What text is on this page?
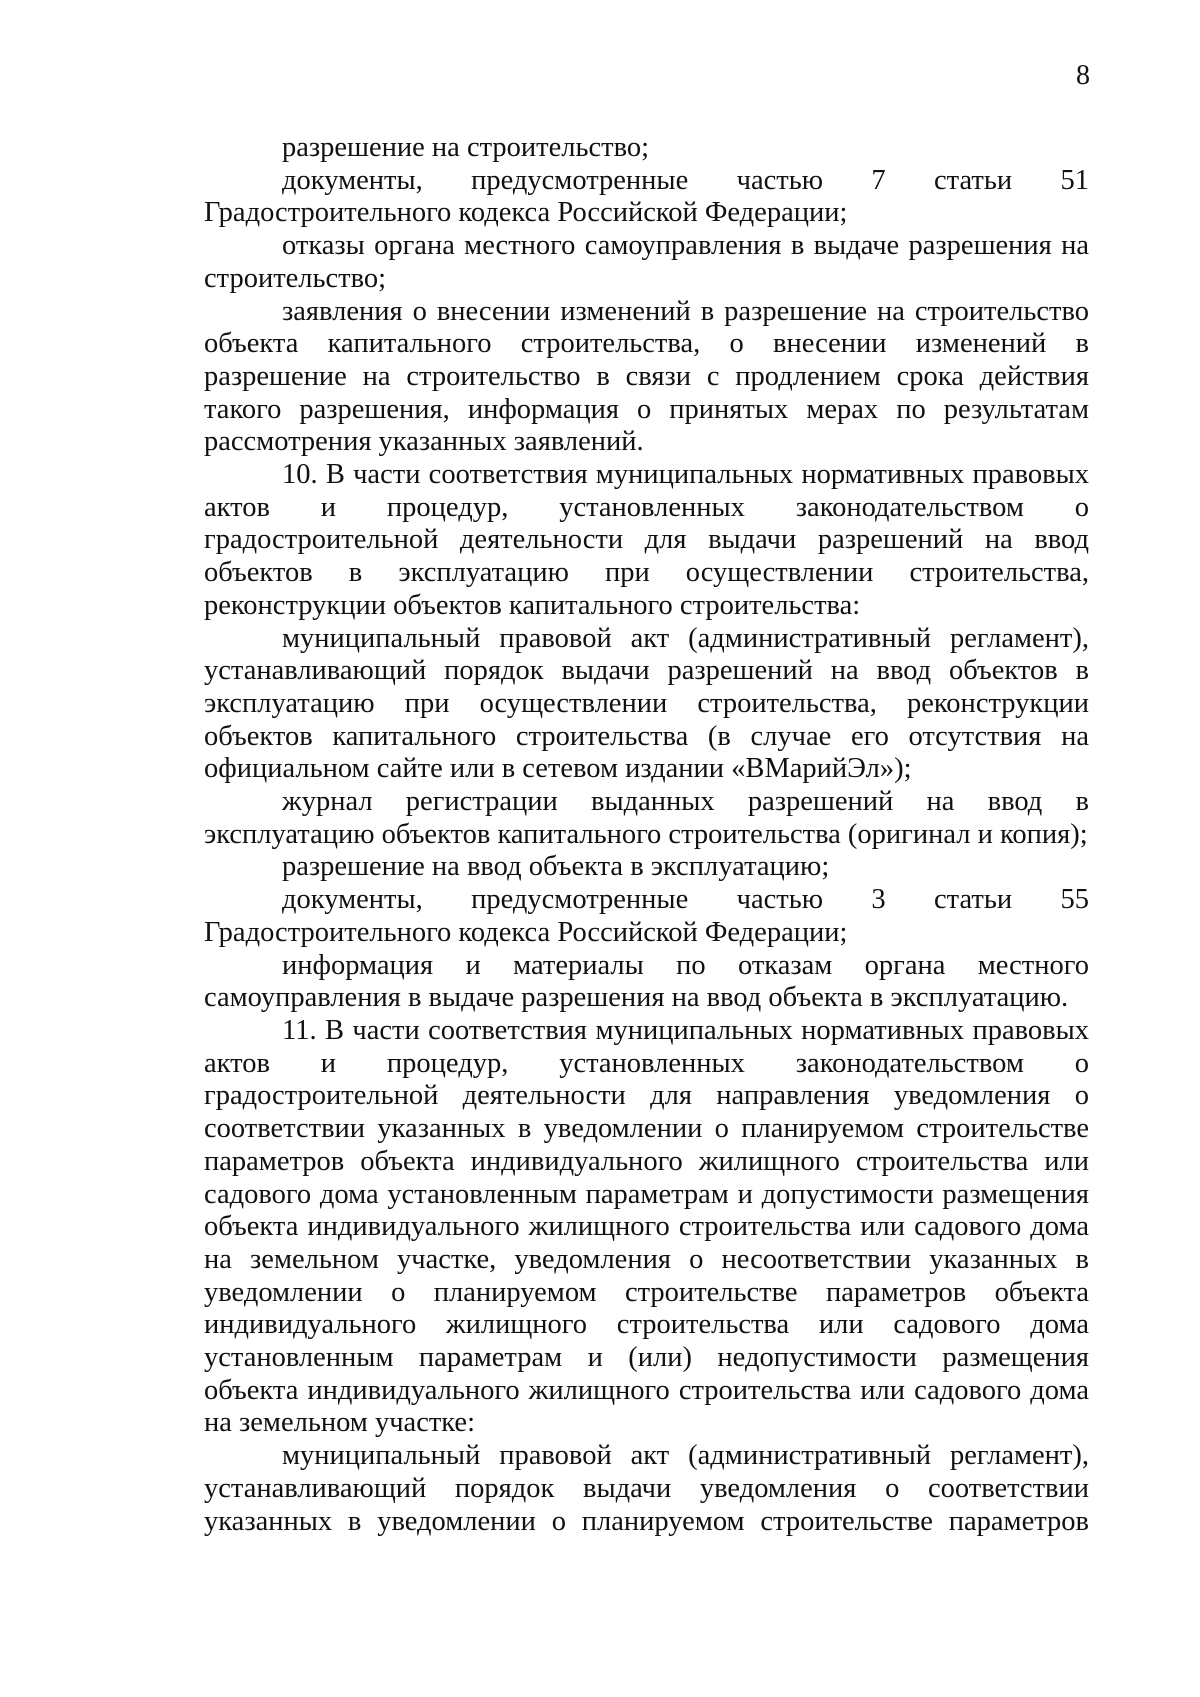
8

разрешение на строительство;

документы, предусмотренные частью 7 статьи 51 Градостроительного кодекса Российской Федерации;

отказы органа местного самоуправления в выдаче разрешения на строительство;

заявления о внесении изменений в разрешение на строительство объекта капитального строительства, о внесении изменений в разрешение на строительство в связи с продлением срока действия такого разрешения, информация о принятых мерах по результатам рассмотрения указанных заявлений.

10. В части соответствия муниципальных нормативных правовых актов и процедур, установленных законодательством о градостроительной деятельности для выдачи разрешений на ввод объектов в эксплуатацию при осуществлении строительства, реконструкции объектов капитального строительства:

муниципальный правовой акт (административный регламент), устанавливающий порядок выдачи разрешений на ввод объектов в эксплуатацию при осуществлении строительства, реконструкции объектов капитального строительства (в случае его отсутствия на официальном сайте или в сетевом издании «ВМарийЭл»);

журнал регистрации выданных разрешений на ввод в эксплуатацию объектов капитального строительства (оригинал и копия);

разрешение на ввод объекта в эксплуатацию;

документы, предусмотренные частью 3 статьи 55 Градостроительного кодекса Российской Федерации;

информация и материалы по отказам органа местного самоуправления в выдаче разрешения на ввод объекта в эксплуатацию.

11. В части соответствия муниципальных нормативных правовых актов и процедур, установленных законодательством о градостроительной деятельности для направления уведомления о соответствии указанных в уведомлении о планируемом строительстве параметров объекта индивидуального жилищного строительства или садового дома установленным параметрам и допустимости размещения объекта индивидуального жилищного строительства или садового дома на земельном участке, уведомления о несоответствии указанных в уведомлении о планируемом строительстве параметров объекта индивидуального жилищного строительства или садового дома установленным параметрам и (или) недопустимости размещения объекта индивидуального жилищного строительства или садового дома на земельном участке:

муниципальный правовой акт (административный регламент), устанавливающий порядок выдачи уведомления о соответствии указанных в уведомлении о планируемом строительстве параметров
